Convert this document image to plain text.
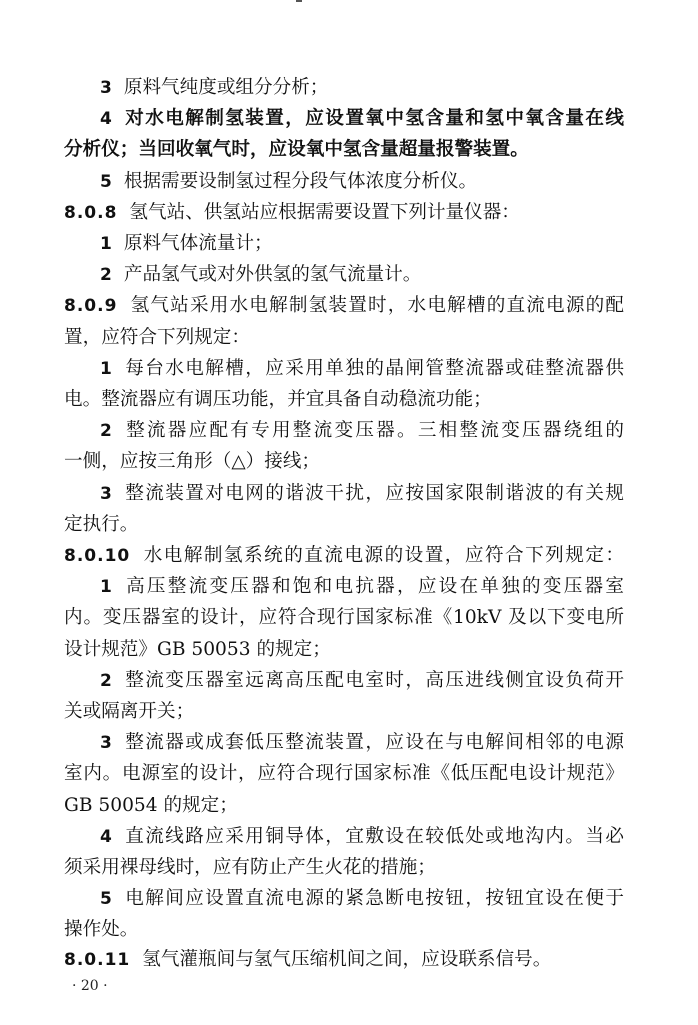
3 原料气纯度或组分分析；
4 对水电解制氢装置，应设置氧中氢含量和氢中氧含量在线
分析仪；当回收氧气时，应设氧中氢含量超量报警装置。
5 根据需要设制氢过程分段气体浓度分析仪。
8.0.8 氢气站、供氢站应根据需要设置下列计量仪器：
1 原料气体流量计；
2 产品氢气或对外供氢的氢气流量计。
8.0.9 氢气站采用水电解制氢装置时，水电解槽的直流电源的配
置，应符合下列规定：
1 每台水电解槽，应采用单独的晶闸管整流器或硅整流器供
电。整流器应有调压功能，并宜具备自动稳流功能；
2 整流器应配有专用整流变压器。三相整流变压器绕组的
一侧，应按三角形（△）接线；
3 整流装置对电网的谐波干扰，应按国家限制谐波的有关规
定执行。
8.0.10 水电解制氢系统的直流电源的设置，应符合下列规定：
1 高压整流变压器和饱和电抗器，应设在单独的变压器室
内。变压器室的设计，应符合现行国家标准《10kV 及以下变电所
设计规范》GB 50053 的规定；
2 整流变压器室远离高压配电室时，高压进线侧宜设负荷开
关或隔离开关；
3 整流器或成套低压整流装置，应设在与电解间相邻的电源
室内。电源室的设计，应符合现行国家标准《低压配电设计规范》
GB 50054 的规定；
4 直流线路应采用铜导体，宜敷设在较低处或地沟内。当必
须采用裸母线时，应有防止产生火花的措施；
5 电解间应设置直流电源的紧急断电按钮，按钮宜设在便于
操作处。
8.0.11 氢气灌瓶间与氢气压缩机间之间，应设联系信号。
· 20 ·
